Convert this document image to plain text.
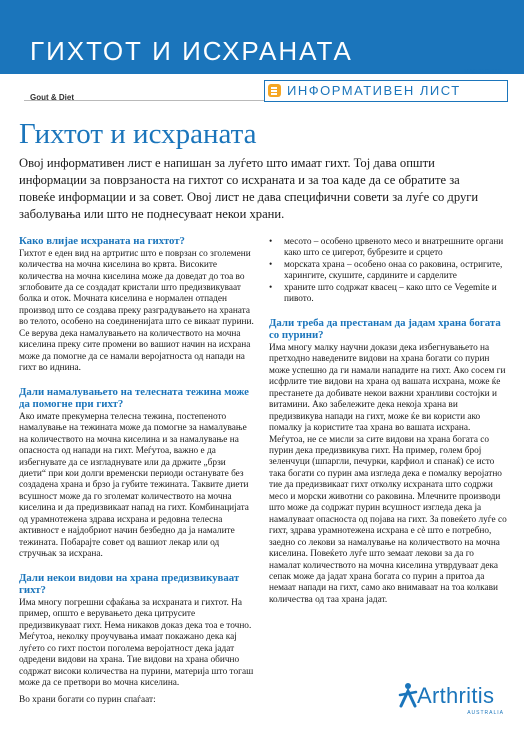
ГИХТОТ И ИСХРАНАТА
MACEDONIAN
Gout & Diet	ИНФОРМАТИВЕН ЛИСТ
Гихтот и исхраната

Овој информативен лист е напишан за луѓето што имаат гихт. Тој дава општи информации за поврзаноста на гихтот со исхраната и за тоа каде да се обратите за повеќе информации и за совет. Овој лист не дава специфични совети за луѓе со други заболувања или што не поднесуваат некои храни.

Како влијае исхраната на гихтот?

Гихтот е еден вид на артритис што е поврзан со зголемени количества на мочна киселина во крвта. Високите количества на мочна киселина може да доведат до тоа во зглобовите да се создадат кристали што предизвикуваат болка и оток. Мочната киселина е нормален отпаден производ што се создава преку разградувањето на храната во телото, особено на соединенијата што се викаат пурини. Се верува дека намалувањето на количеството на мочна киселина преку сите промени во вашиот начин на исхрана може да помогне да се намали веројатноста од напади на гихт во иднина.

Дали намалувањето на телесната тежина може да помогне при гихт?

Ако имате прекумерна телесна тежина, постепеното намалување на тежината може да помогне за намалување на количеството на мочна киселина и за намалување на опасноста од напади на гихт. Меѓутоа, важно е да избегнувате да се изгладнувате или да држите „брзи диети“ при кои долги временски периоди останувате без создадена храна и брзо ја губите тежината. Таквите диети всушност може да го зголемат количеството на мочна киселина и да предизвикаат напад на гихт. Комбинацијата од урамнотежена здрава исхрана и редовна телесна активност е најдобриот начин безбедно да ја намалите тежината. Побарајте совет од вашиот лекар или од стручњак за исхрана.

Дали некои видови на храна предизвикуваат гихт?

Има многу погрешни сфаќања за исхраната и гихтот. На пример, општо е верувањето дека цитрусите предизвикуваат гихт. Нема никаков доказ дека тоа е точно. Меѓутоа, неколку проучувања имаат покажано дека кај луѓето со гихт постои поголема веројатност дека јадат одредени видови на храна. Тие видови на храна обично содржат високи количества на пурини, материја што тогаш може да се претвори во мочна киселина.

Во храни богати со пурин спаѓаат:

• месото – особено црвеното месо и внатрешните органи како што се џигерот, бубрезите и срцето
• морската храна – особено онаа со раковина, остригите, харингите, скушите, сардините и сарделите
• храните што содржат квасец – како што се Vegemite и пивото.
Дали треба да престанам да јадам храна богата со пурини?

Има многу малку научни докази дека избегнувањето на претходно наведените видови на храна богати со пурин може успешно да ги намали нападите на гихт. Ако сосем ги исфрлите тие видови на храна од вашата исхрана, може ќе престанете да добивате некои важни хранливи состојки и витамини. Ако забележите дека некоја храна ви предизвикува напади на гихт, може ќе ви користи ако помалку ја користите таа храна во вашата исхрана. Меѓутоа, не се мисли за сите видови на храна богата со пурин дека предизвикува гихт. На пример, голем број зеленчуци (шпаргли, печурки, карфиол и спанаќ) се исто така богати со пурин ама изгледа дека е помалку веројатно тие да предизвикаат гихт отколку исхраната што содржи месо и морски животни со раковина. Млечните производи што може да содржат пурин всушност изгледа дека ја намалуваат опасноста од појава на гихт. За повеќето луѓе со гихт, здрава урамнотежена исхрана е сè што е потребно, заедно со лекови за намалување на количеството на мочна киселина. Повеќето луѓе што земаат лекови за да го намалат количеството на мочна киселина утврдуваат дека сепак може да јадат храна богата со пурин а притоа да немаат напади на гихт, само ако внимаваат на тоа колкави количества од таа храна јадат.

Arthritis
AUSTRALIA
